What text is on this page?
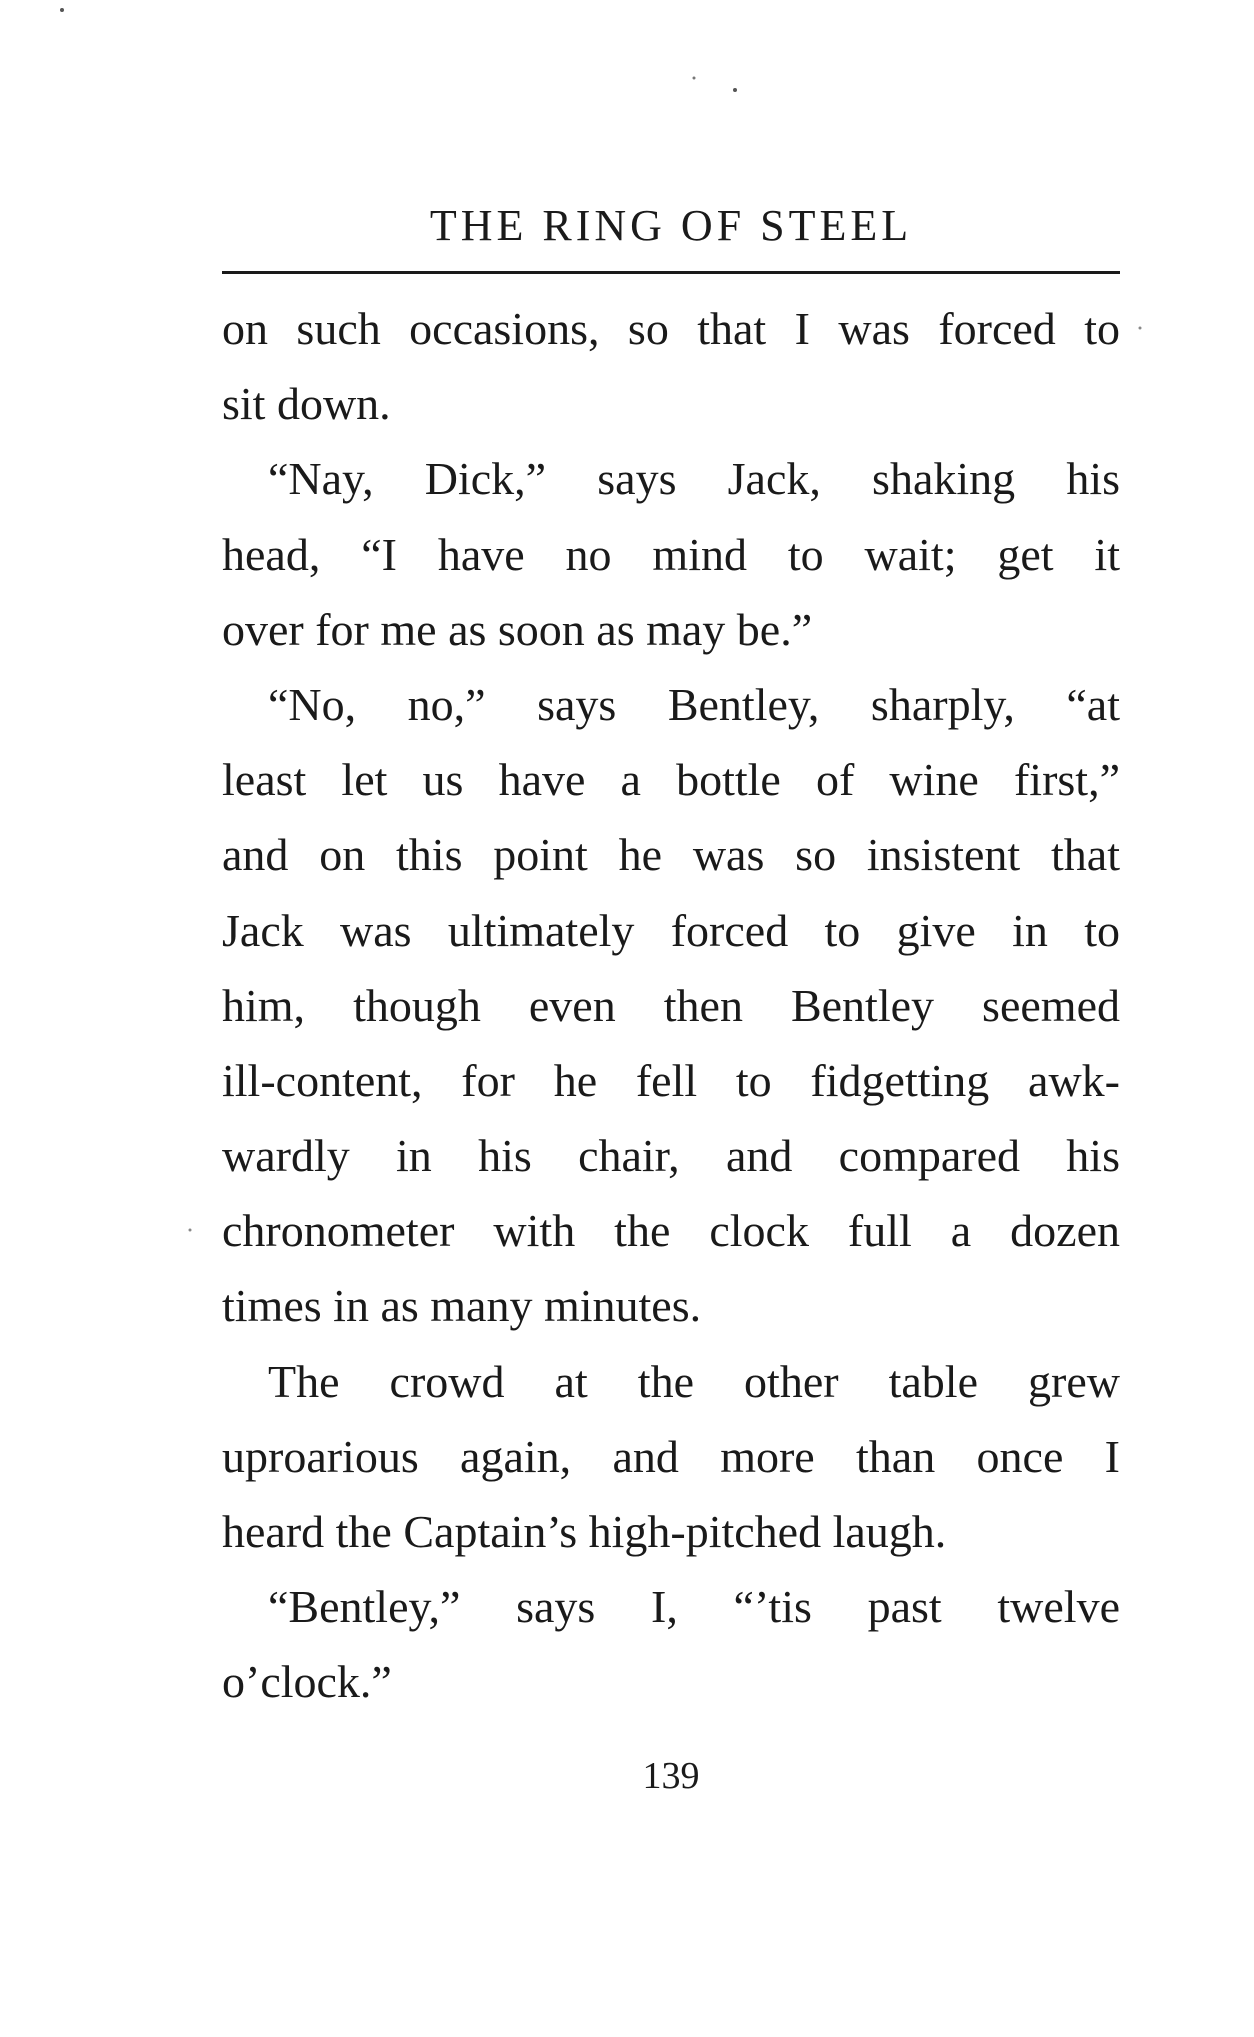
THE RING OF STEEL
on such occasions, so that I was forced to
sit down.
“Nay, Dick,” says Jack, shaking his
head, “I have no mind to wait; get it
over for me as soon as may be.”
“No, no,” says Bentley, sharply, “at
least let us have a bottle of wine first,”
and on this point he was so insistent that
Jack was ultimately forced to give in to
him, though even then Bentley seemed
ill-content, for he fell to fidgetting awk-
wardly in his chair, and compared his
chronometer with the clock full a dozen
times in as many minutes.
The crowd at the other table grew
uproarious again, and more than once I
heard the Captain’s high-pitched laugh.
“Bentley,” says I, “’tis past twelve
o’clock.”
139
